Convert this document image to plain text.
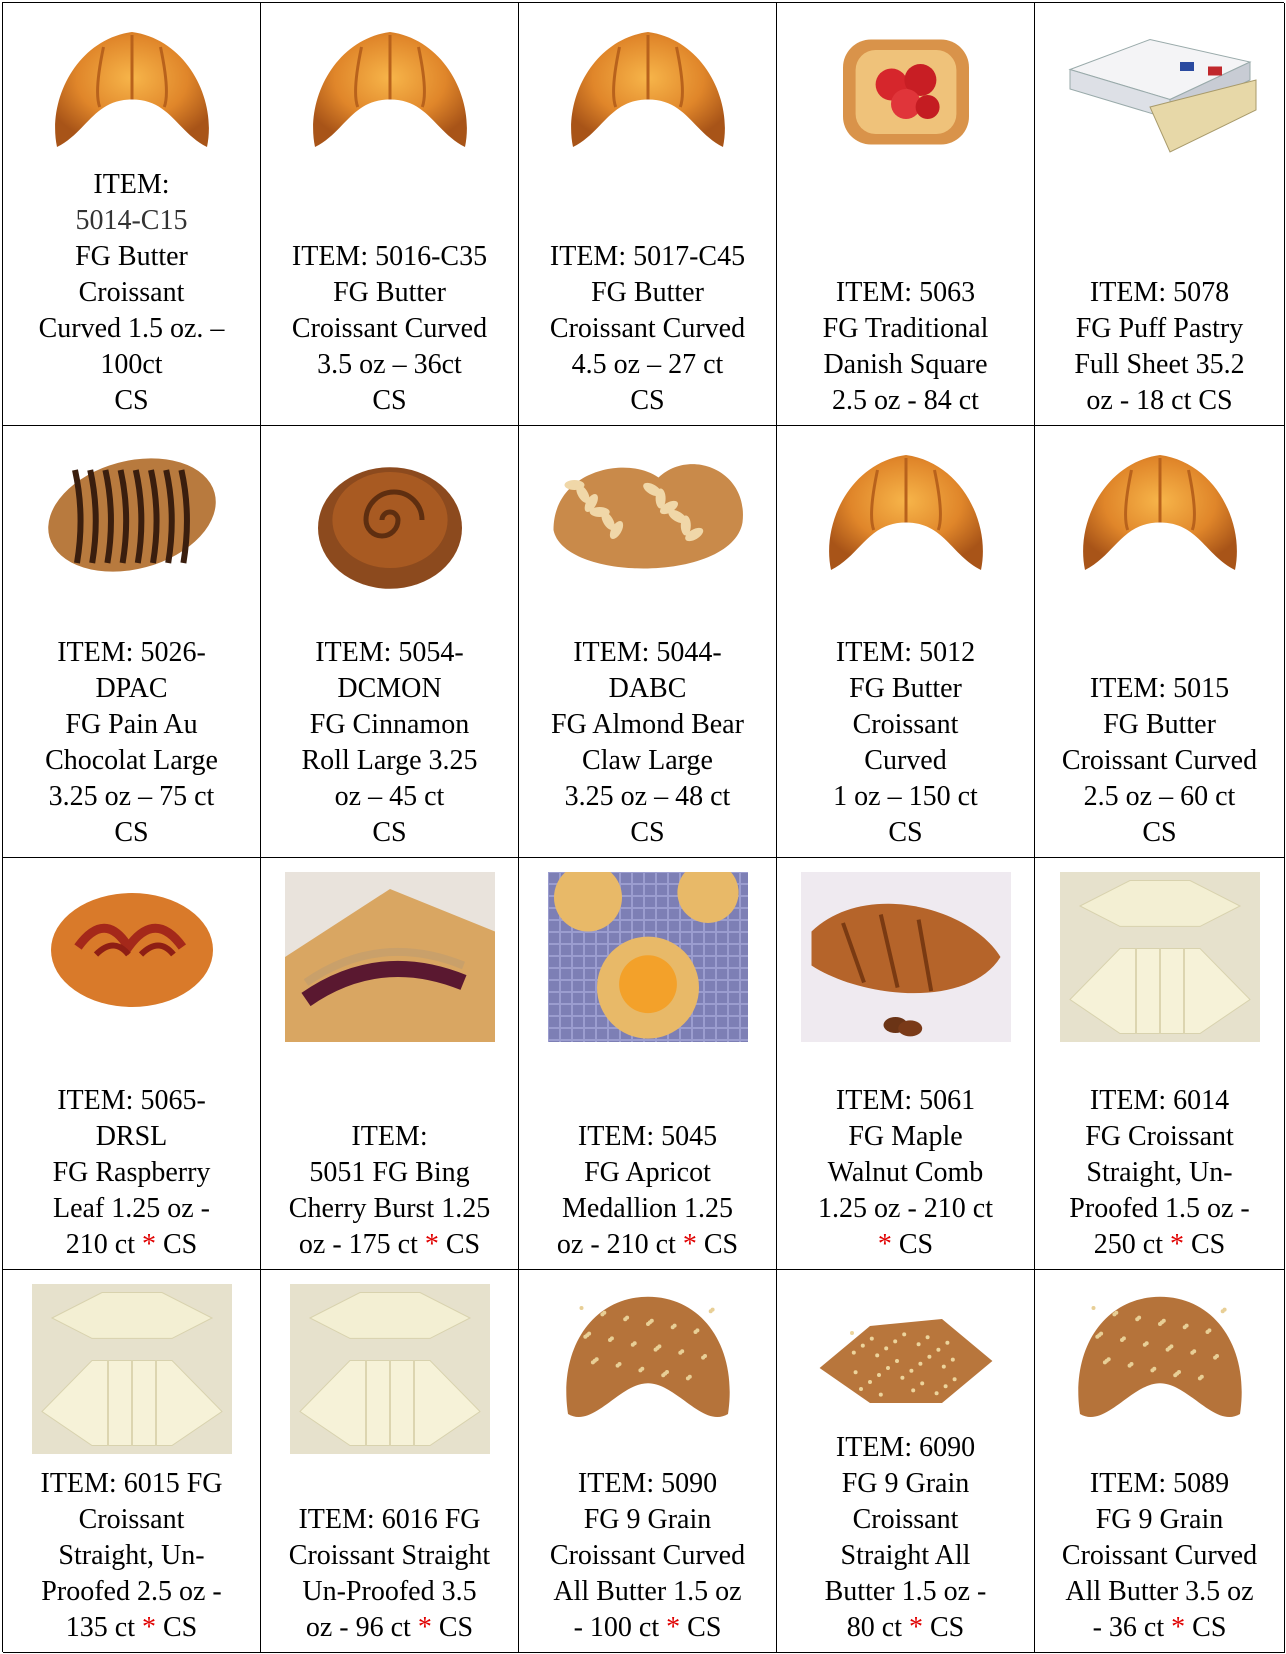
ITEM:
5014-C15
FG Butter
Croissant
Curved 1.5 oz. –
100ct
CS
ITEM: 5016-C35
FG Butter
Croissant Curved
3.5 oz – 36ct
CS
ITEM: 5017-C45
FG Butter
Croissant Curved
4.5 oz – 27 ct
CS
ITEM: 5063
FG Traditional
Danish Square
2.5 oz - 84 ct
ITEM: 5078
FG Puff Pastry
Full Sheet 35.2
oz - 18 ct CS
ITEM: 5026-
DPAC
FG Pain Au
Chocolat Large
3.25 oz – 75 ct
CS
ITEM: 5054-
DCMON
FG Cinnamon
Roll Large 3.25
oz – 45 ct
CS
ITEM: 5044-
DABC
FG Almond Bear
Claw Large
3.25 oz – 48 ct
CS
ITEM: 5012
FG Butter
Croissant
Curved
1 oz – 150 ct
CS
ITEM: 5015
FG Butter
Croissant Curved
2.5 oz – 60 ct
CS
ITEM: 5065-
DRSL
FG Raspberry
Leaf 1.25 oz -
210 ct * CS
ITEM:
5051 FG Bing
Cherry Burst 1.25
oz - 175 ct * CS
ITEM: 5045
FG Apricot
Medallion 1.25
oz - 210 ct * CS
ITEM: 5061
FG Maple
Walnut Comb
1.25 oz - 210 ct
* CS
ITEM: 6014
FG Croissant
Straight, Un-
Proofed 1.5 oz -
250 ct * CS
ITEM: 6015 FG
Croissant
Straight, Un-
Proofed 2.5 oz -
135 ct * CS
ITEM: 6016 FG
Croissant Straight
Un-Proofed 3.5
oz - 96 ct * CS
ITEM: 5090
FG 9 Grain
Croissant Curved
All Butter 1.5 oz
- 100 ct * CS
ITEM: 6090
FG 9 Grain
Croissant
Straight All
Butter 1.5 oz -
80 ct * CS
ITEM: 5089
FG 9 Grain
Croissant Curved
All Butter 3.5 oz
- 36 ct * CS
